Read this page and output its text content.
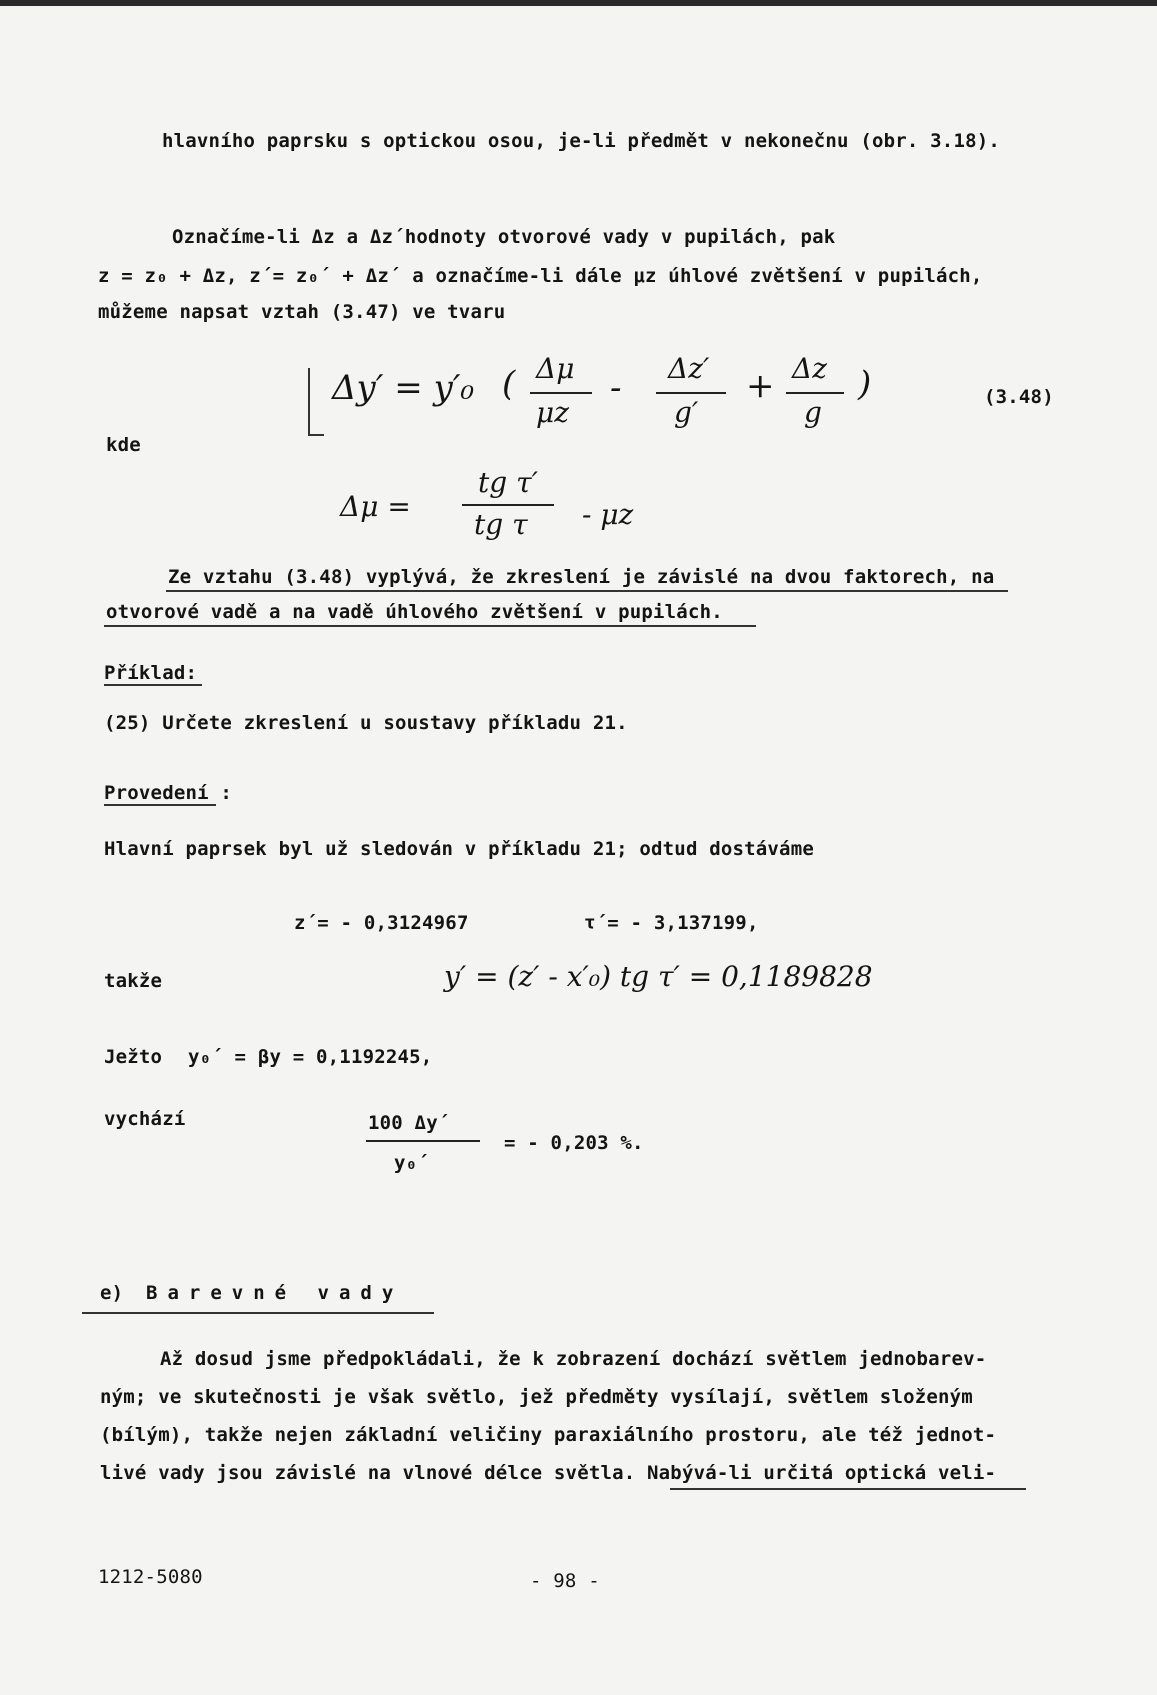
hlavního paprsku s optickou osou, je-li předmět v nekonečnu (obr. 3.18).
Označíme-li Δz a Δz´hodnoty otvorové vady v pupilách, pak
z = z₀ + Δz, z´= z₀´ + Δz´ a označíme-li dále μz úhlové zvětšení v pupilách,
můžeme napsat vztah (3.47) ve tvaru
Δy′ = y′₀ ( Δμ
μz
- Δz′
g′
+ Δz
g
)	(3.48)
kde
Δμ =
tg τ′
tg τ - μz
Ze vztahu (3.48) vyplývá, že zkreslení je závislé na dvou faktorech, na
otvorové vadě a na vadě úhlového zvětšení v pupilách.
Příklad:
(25) Určete zkreslení u soustavy příkladu 21.
Provedení :
Hlavní paprsek byl už sledován v příkladu 21; odtud dostáváme
z´= - 0,3124967	τ´= - 3,137199,
takže	y′ = (z′ - x′₀) tg τ′ = 0,1189828
Ježto y₀´ = βy = 0,1192245,
vychází	100 Δy´
y₀´
= - 0,203 %.
e) Barevné vady
Až dosud jsme předpokládali, že k zobrazení dochází světlem jednobarev-
ným; ve skutečnosti je však světlo, jež předměty vysílají, světlem složeným
(bílým), takže nejen základní veličiny paraxiálního prostoru, ale též jednot-
livé vady jsou závislé na vlnové délce světla. Nabývá-li určitá optická veli-
1212-5080	- 98 -
